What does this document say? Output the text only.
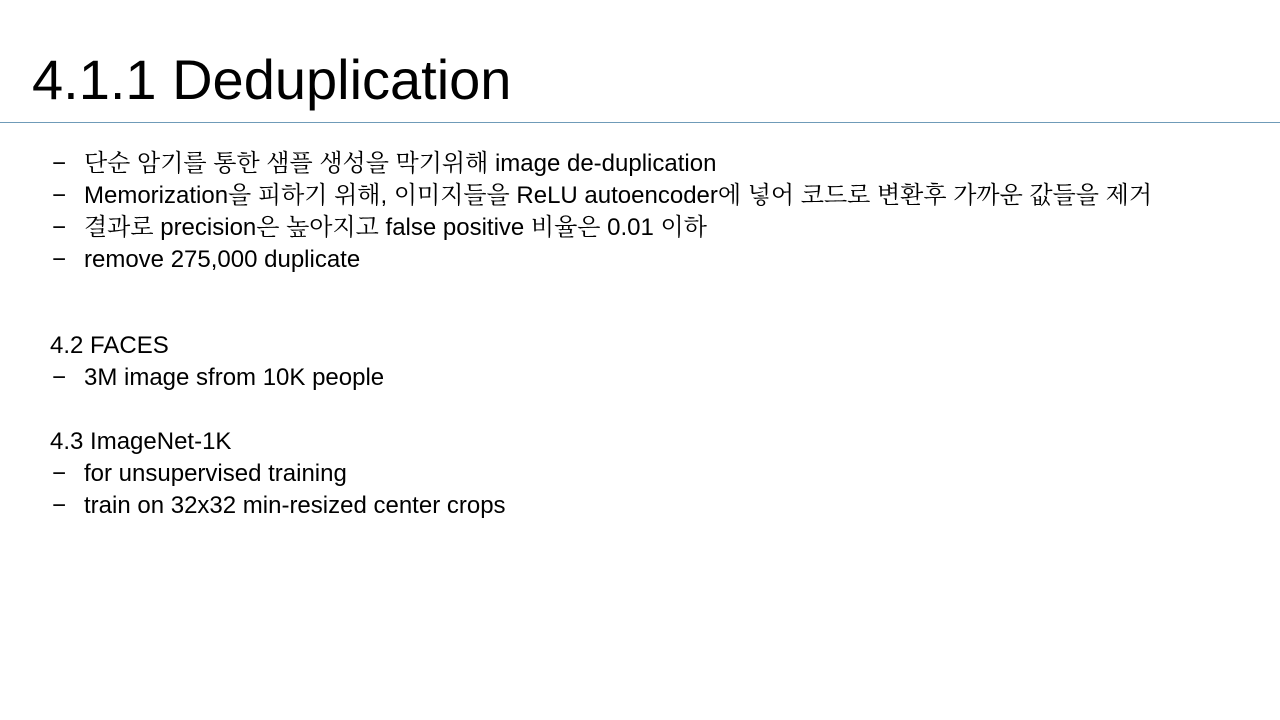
4.1.1 Deduplication
− 단순 암기를 통한 샘플 생성을 막기위해 image de-duplication
− Memorization을 피하기 위해, 이미지들을 ReLU autoencoder에 넣어 코드로 변환후 가까운 값들을 제거
− 결과로 precision은 높아지고 false positive 비율은 0.01 이하
− remove 275,000 duplicate
4.2 FACES
− 3M image sfrom 10K people
4.3 ImageNet-1K
− for unsupervised training
− train on 32x32 min-resized center crops
